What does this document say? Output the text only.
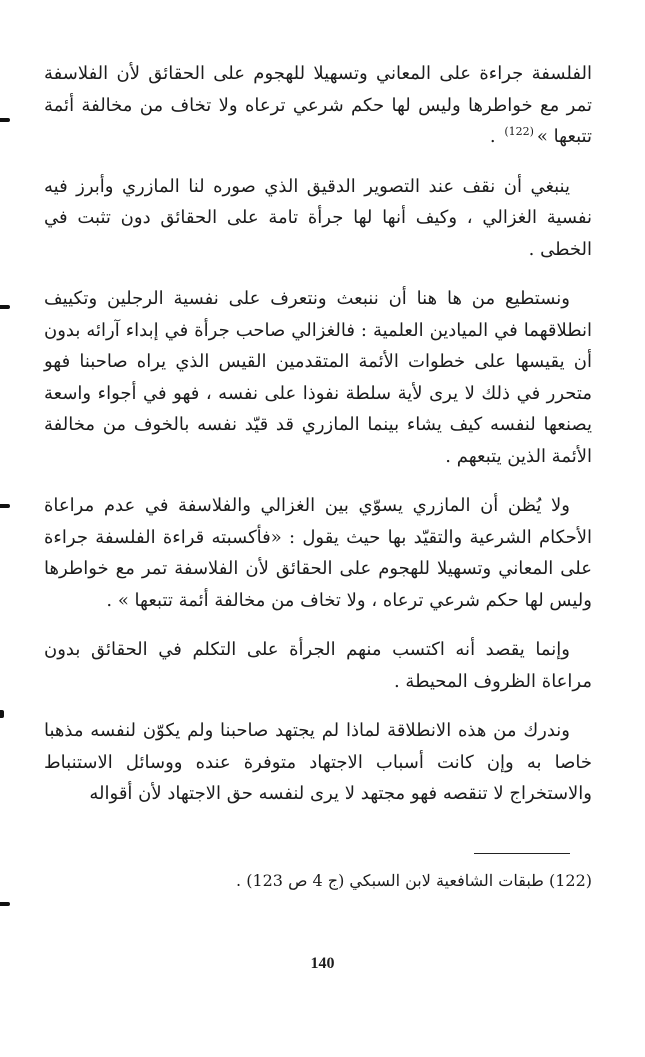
الفلسفة جراءة على المعاني وتسهيلا للهجوم على الحقائق لأن الفلاسفة تمر مع خواطرها وليس لها حكم شرعي ترعاه ولا تخاف من مخالفة أئمة تتبعها »$^{(122)}$ .

ينبغي أن نقف عند التصوير الدقيق الذي صوره لنا المازري وأبرز فيه نفسية الغزالي ، وكيف أنها لها جرأة تامة على الحقائق دون تثبت في الخطى .

ونستطيع من ها هنا أن ننبعث ونتعرف على نفسية الرجلين وتكييف انطلاقهما في الميادين العلمية : فالغزالي صاحب جرأة في إبداء آرائه بدون أن يقيسها على خطوات الأئمة المتقدمين القيس الذي يراه صاحبنا فهو متحرر في ذلك لا يرى لأية سلطة نفوذا على نفسه ، فهو في أجواء واسعة يصنعها لنفسه كيف يشاء بينما المازري قد قيّد نفسه بالخوف من مخالفة الأئمة الذين يتبعهم .

ولا يُظن أن المازري يسوّي بين الغزالي والفلاسفة في عدم مراعاة الأحكام الشرعية والتقيّد بها حيث يقول : «فأكسبته قراءة الفلسفة جراءة على المعاني وتسهيلا للهجوم على الحقائق لأن الفلاسفة تمر مع خواطرها وليس لها حكم شرعي ترعاه ، ولا تخاف من مخالفة أئمة تتبعها » .

وإنما يقصد أنه اكتسب منهم الجرأة على التكلم في الحقائق بدون مراعاة الظروف المحيطة .

وندرك من هذه الانطلاقة لماذا لم يجتهد صاحبنا ولم يكوّن لنفسه مذهبا خاصا به وإن كانت أسباب الاجتهاد متوفرة عنده ووسائل الاستنباط والاستخراج لا تنقصه فهو مجتهد لا يرى لنفسه حق الاجتهاد لأن أقواله

(122) طبقات الشافعية لابن السبكي (ج 4 ص 123) .
140
